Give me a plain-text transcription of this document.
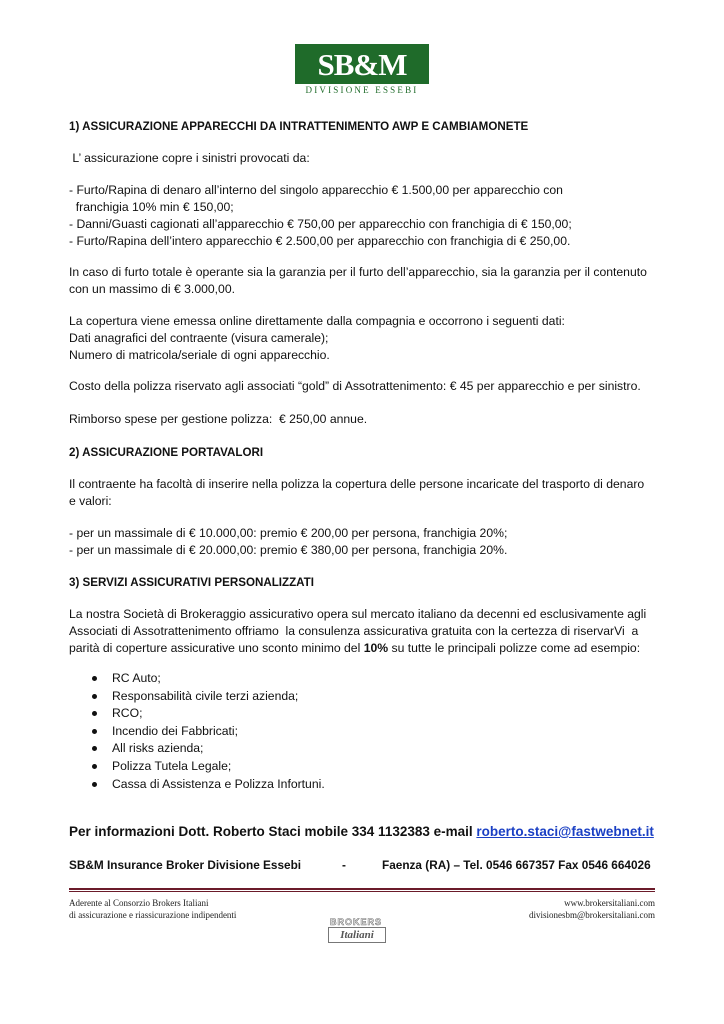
SB&M
DIVISIONE ESSEBI
1) ASSICURAZIONE APPARECCHI DA INTRATTENIMENTO AWP E CAMBIAMONETE
L’ assicurazione copre i sinistri provocati da:
- Furto/Rapina di denaro all’interno del singolo apparecchio € 1.500,00 per apparecchio con
franchigia 10% min € 150,00;
- Danni/Guasti cagionati all’apparecchio € 750,00 per apparecchio con franchigia di € 150,00;
- Furto/Rapina dell’intero apparecchio € 2.500,00 per apparecchio con franchigia di € 250,00.
In caso di furto totale è operante sia la garanzia per il furto dell’apparecchio, sia la garanzia per il contenuto
con un massimo di € 3.000,00.
La copertura viene emessa online direttamente dalla compagnia e occorrono i seguenti dati:
Dati anagrafici del contraente (visura camerale);
Numero di matricola/seriale di ogni apparecchio.
Costo della polizza riservato agli associati “gold” di Assotrattenimento: € 45 per apparecchio e per sinistro.
Rimborso spese per gestione polizza:  € 250,00 annue.
2) ASSICURAZIONE PORTAVALORI
Il contraente ha facoltà di inserire nella polizza la copertura delle persone incaricate del trasporto di denaro
e valori:
- per un massimale di € 10.000,00: premio € 200,00 per persona, franchigia 20%;
- per un massimale di € 20.000,00: premio € 380,00 per persona, franchigia 20%.
3) SERVIZI ASSICURATIVI PERSONALIZZATI
La nostra Società di Brokeraggio assicurativo opera sul mercato italiano da decenni ed esclusivamente agli
Associati di Assotrattenimento offriamo  la consulenza assicurativa gratuita con la certezza di riservarVi  a
parità di coperture assicurative uno sconto minimo del 10% su tutte le principali polizze come ad esempio:
RC Auto;
Responsabilità civile terzi azienda;
RCO;
Incendio dei Fabbricati;
All risks azienda;
Polizza Tutela Legale;
Cassa di Assistenza e Polizza Infortuni.
Per informazioni Dott. Roberto Staci mobile 334 1132383 e-mail roberto.staci@fastwebnet.it
SB&M Insurance Broker Divisione Essebi	-	Faenza (RA) – Tel. 0546 667357 Fax 0546 664026
Aderente al Consorzio Brokers Italiani
di assicurazione e riassicurazione indipendenti
www.brokersitaliani.com
divisionesbm@brokersitaliani.com
BROKERS
Italiani
